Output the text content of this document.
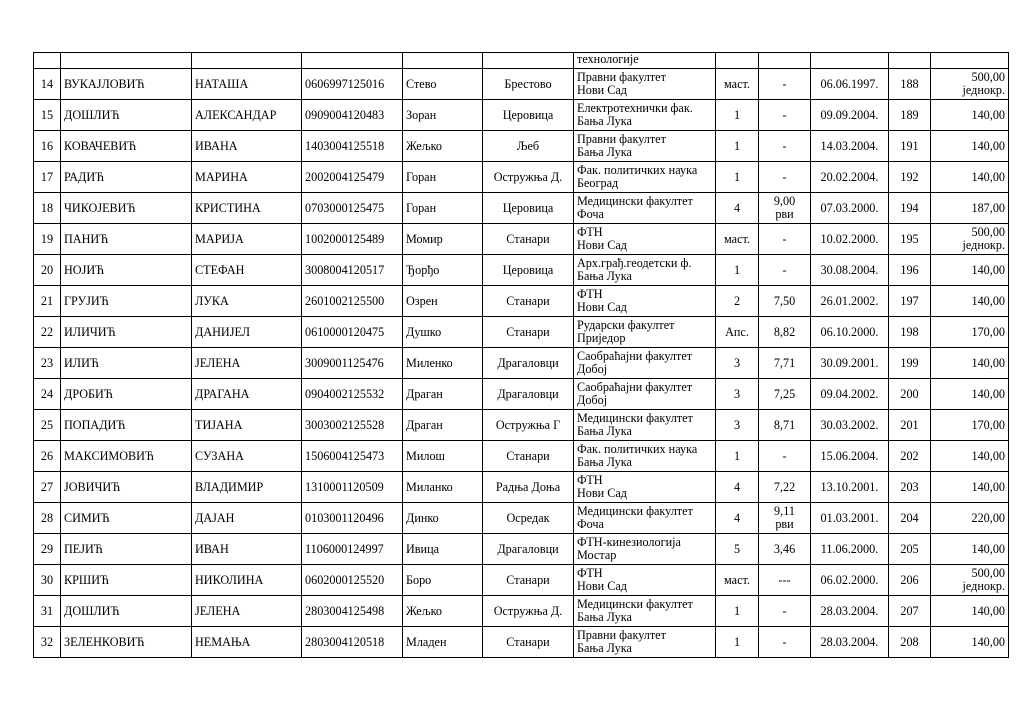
						технологије					
14	ВУКАЈЛОВИЋ	НАТАША	0606997125016	Стево	Брестово	Правни факултет
Нови Сад	маст.	-	06.06.1997.	188	500,00
једнокр.

15	ДОШЛИЋ	АЛЕКСАНДАР	0909004120483	Зоран	Церовица	Електротехнички фак.
Бања Лука	1	-	09.09.2004.	189	140,00

16	КОВАЧЕВИЋ	ИВАНА	1403004125518	Жељко	Љеб	Правни факултет
Бања Лука	1	-	14.03.2004.	191	140,00

17	РАДИЋ	МАРИНА	2002004125479	Горан	Остружња Д.	Фак. политичких наука
Београд	1	-	20.02.2004.	192	140,00

18	ЧИКОЈЕВИЋ	КРИСТИНА	0703000125475	Горан	Церовица	Медицински факултет
Фоча	4	9,00
рви	07.03.2000.	194	187,00

19	ПАНИЋ	МАРИЈА	1002000125489	Момир	Станари	ФТН
Нови Сад	маст.	-	10.02.2000.	195	500,00
једнокр.

20	НОЈИЋ	СТЕФАН	3008004120517	Ђорђо	Церовица	Арх.грађ.геодетски ф.
Бања Лука	1	-	30.08.2004.	196	140,00

21	ГРУЈИЋ	ЛУКА	2601002125500	Озрен	Станари	ФТН
Нови Сад	2	7,50	26.01.2002.	197	140,00

22	ИЛИЧИЋ	ДАНИЈЕЛ	0610000120475	Душко	Станари	Рударски факултет
Приједор	Апс.	8,82	06.10.2000.	198	170,00

23	ИЛИЋ	ЈЕЛЕНА	3009001125476	Миленко	Драгаловци	Саобраћајни факултет
Добој	3	7,71	30.09.2001.	199	140,00

24	ДРОБИЋ	ДРАГАНА	0904002125532	Драган	Драгаловци	Саобраћајни факултет
Добој	3	7,25	09.04.2002.	200	140,00

25	ПОПАДИЋ	ТИЈАНА	3003002125528	Драган	Остружња Г	Медицински факултет
Бања Лука	3	8,71	30.03.2002.	201	170,00

26	МАКСИМОВИЋ	СУЗАНА	1506004125473	Милош	Станари	Фак. политичких наука
Бања Лука	1	-	15.06.2004.	202	140,00

27	ЈОВИЧИЋ	ВЛАДИМИР	1310001120509	Миланко	Радња Доња	ФТН
Нови Сад	4	7,22	13.10.2001.	203	140,00

28	СИМИЋ	ДАЈАН	0103001120496	Динко	Осредак	Медицински факултет
Фоча	4	9,11
рви	01.03.2001.	204	220,00

29	ПЕЈИЋ	ИВАН	1106000124997	Ивица	Драгаловци	ФТН-кинезиологија
Мостар	5	3,46	11.06.2000.	205	140,00

30	КРШИЋ	НИКОЛИНА	0602000125520	Боро	Станари	ФТН
Нови Сад	маст.	---	06.02.2000.	206	500,00
једнокр.

31	ДОШЛИЋ	ЈЕЛЕНА	2803004125498	Жељко	Остружња Д.	Медицински факултет
Бања Лука	1	-	28.03.2004.	207	140,00

32	ЗЕЛЕНКОВИЋ	НЕМАЊА	2803004120518	Младен	Станари	Правни факултет
Бања Лука	1	-	28.03.2004.	208	140,00
